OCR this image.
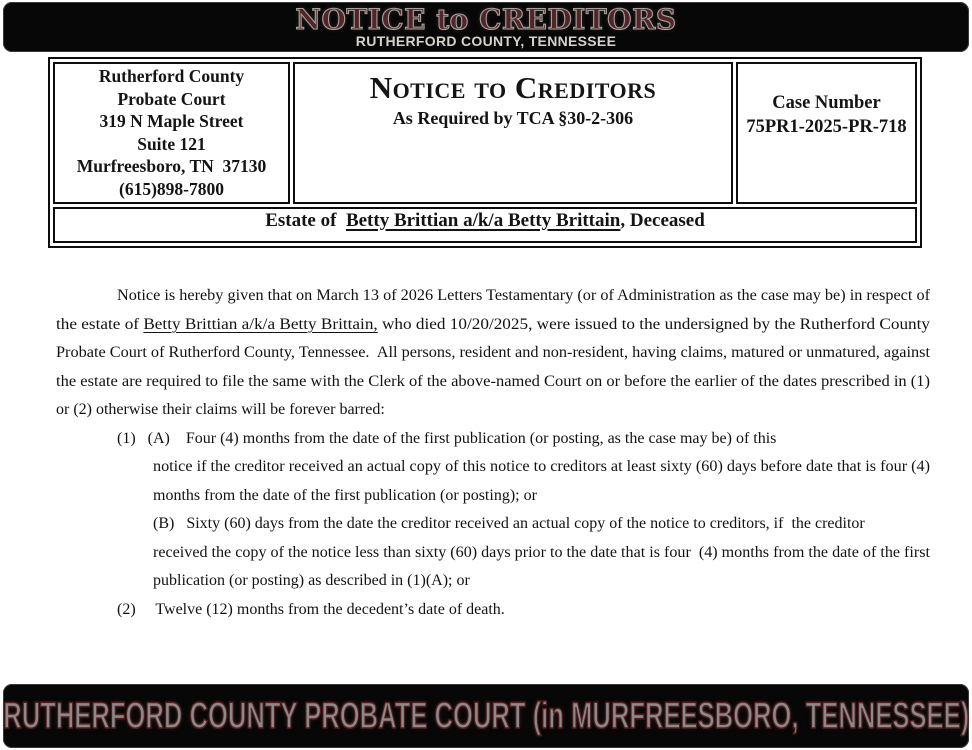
NOTICE to CREDITORS
RUTHERFORD COUNTY, TENNESSEE
Rutherford County
Probate Court
319 N Maple Street
Suite 121
Murfreesboro, TN  37130
(615)898-7800
	Notice to Creditors
As Required by TCA §30-2-306

Case Number
75PR1-2025-PR-718

Estate of  Betty Brittian a/k/a Betty Brittain, Deceased
Notice is hereby given that on March 13 of 2026 Letters Testamentary (or of Administration as the case may be) in respect of
the estate of Betty Brittian a/k/a Betty Brittain, who died 10/20/2025, were issued to the undersigned by the Rutherford County
Probate Court of Rutherford County, Tennessee.  All persons, resident and non-resident, having claims, matured or unmatured, against
the estate are required to file the same with the Clerk of the above-named Court on or before the earlier of the dates prescribed in (1)
or (2) otherwise their claims will be forever barred:
(1)   (A)    Four (4) months from the date of the first publication (or posting, as the case may be) of this
notice if the creditor received an actual copy of this notice to creditors at least sixty (60) days before date that is four (4)
months from the date of the first publication (or posting); or
(B)   Sixty (60) days from the date the creditor received an actual copy of the notice to creditors, if  the creditor
received the copy of the notice less than sixty (60) days prior to the date that is four  (4) months from the date of the first
publication (or posting) as described in (1)(A); or
(2)     Twelve (12) months from the decedent’s date of death.
RUTHERFORD COUNTY PROBATE COURT (in MURFREESBORO, TENNESSEE)
